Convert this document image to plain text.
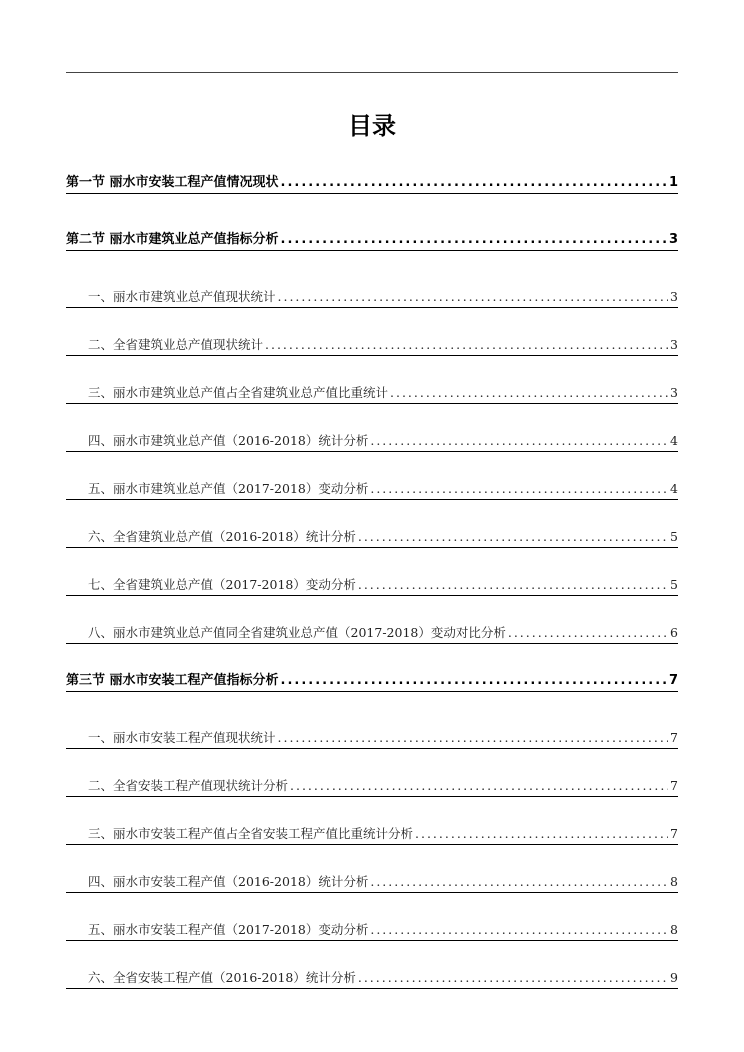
目录
第一节 丽水市安装工程产值情况现状 .....	1
第二节 丽水市建筑业总产值指标分析 .....	3
一、丽水市建筑业总产值现状统计 .....	3
二、全省建筑业总产值现状统计 .....	3
三、丽水市建筑业总产值占全省建筑业总产值比重统计 .....	3
四、丽水市建筑业总产值（2016-2018）统计分析 .....	4
五、丽水市建筑业总产值（2017-2018）变动分析 .....	4
六、全省建筑业总产值（2016-2018）统计分析 .....	5
七、全省建筑业总产值（2017-2018）变动分析 .....	5
八、丽水市建筑业总产值同全省建筑业总产值（2017-2018）变动对比分析 .....	6
第三节 丽水市安装工程产值指标分析 .....	7
一、丽水市安装工程产值现状统计 .....	7
二、全省安装工程产值现状统计分析 .....	7
三、丽水市安装工程产值占全省安装工程产值比重统计分析 .....	7
四、丽水市安装工程产值（2016-2018）统计分析 .....	8
五、丽水市安装工程产值（2017-2018）变动分析 .....	8
六、全省安装工程产值（2016-2018）统计分析 .....	9
